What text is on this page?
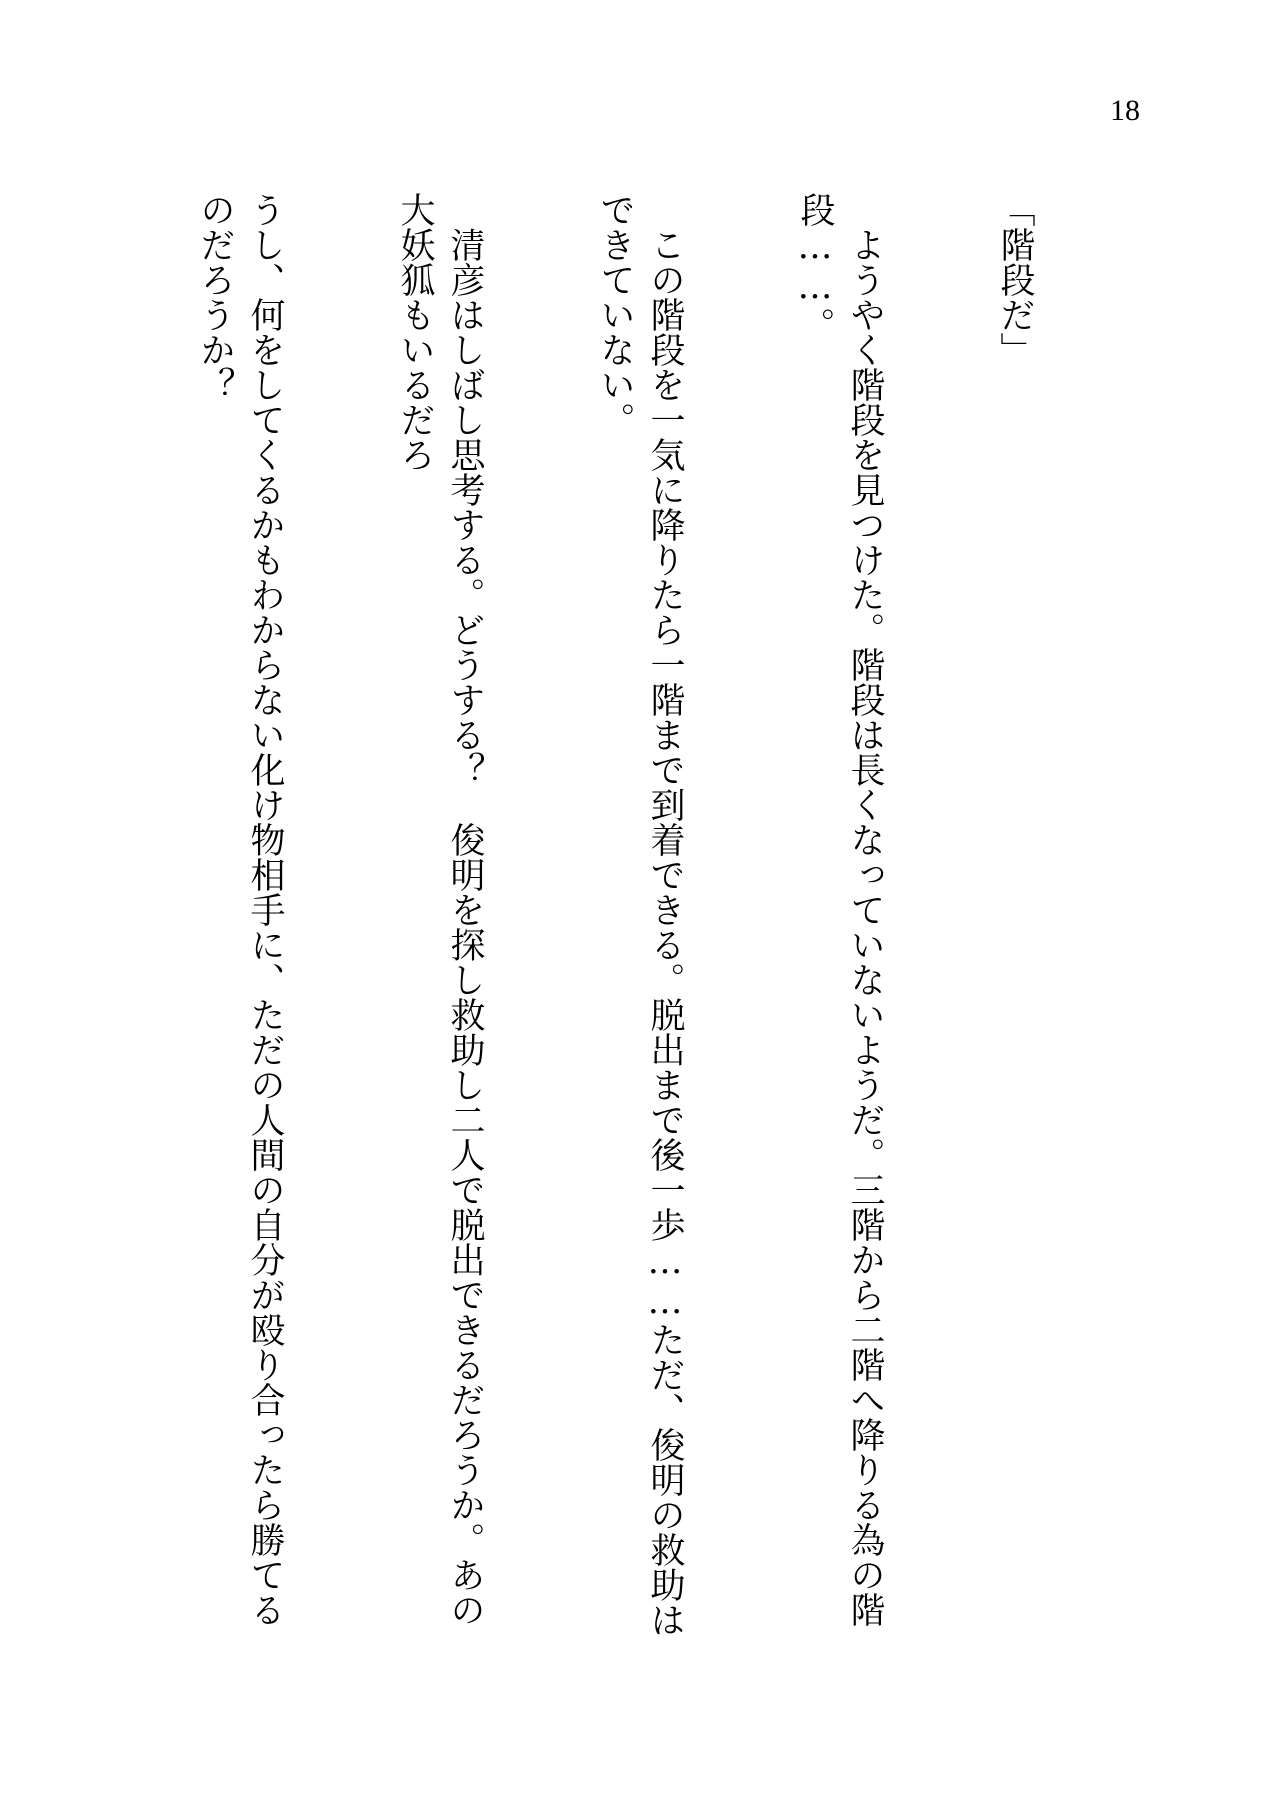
18

「階段だ」

　ようやく階段を見つけた。階段は長くなっていないようだ。三階から二階へ降りる為の階段……。

　この階段を一気に降りたら一階まで到着できる。脱出まで後一歩……ただ、俊明の救助はできていない。

　清彦はしばし思考する。どうする？　俊明を探し救助し二人で脱出できるだろうか。あの大妖狐もいるだろ

うし、何をしてくるかもわからない化け物相手に、ただの人間の自分が殴り合ったら勝てるのだろうか？
